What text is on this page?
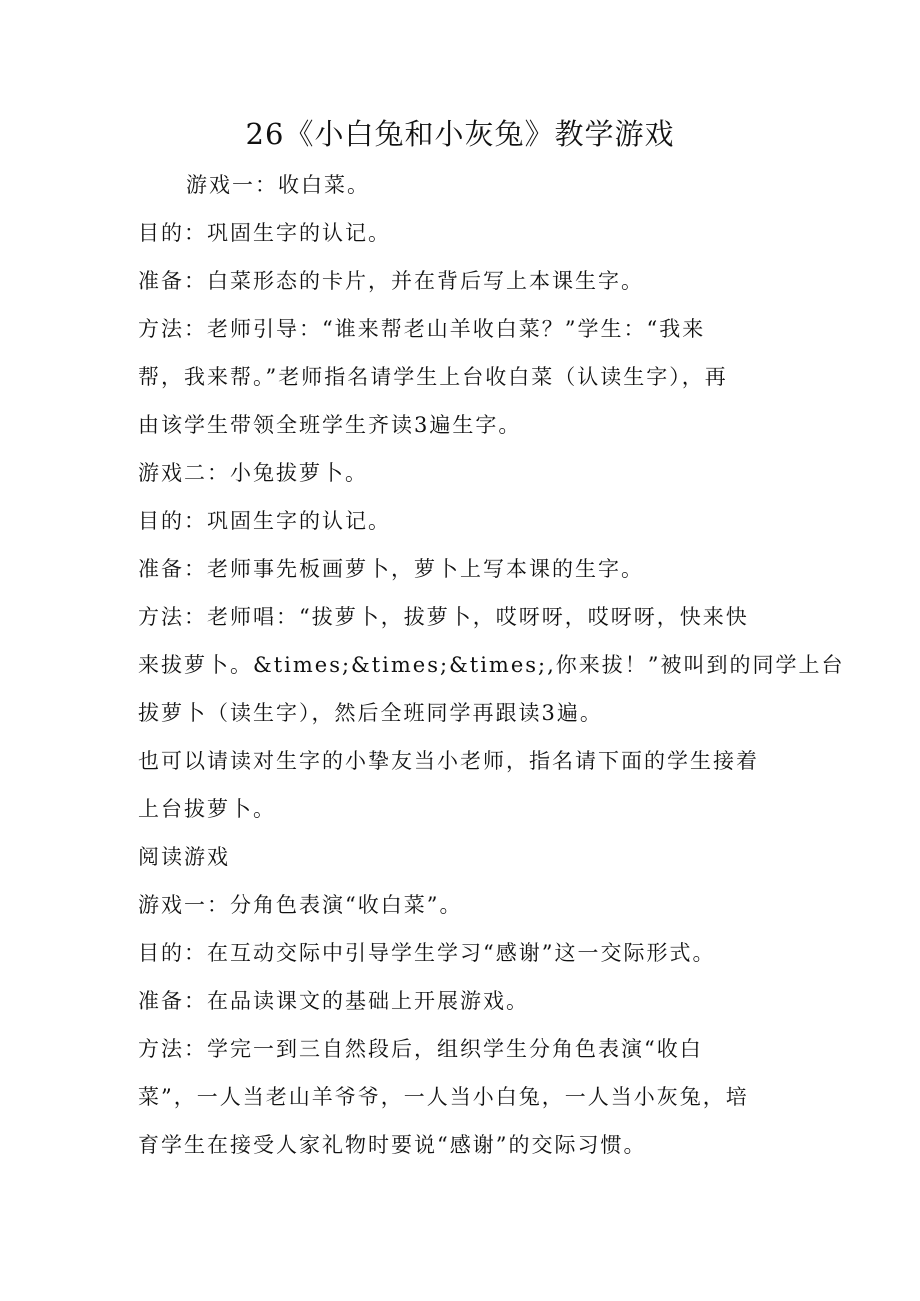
26《小白兔和小灰兔》教学游戏
游戏一：收白菜。
目的：巩固生字的认记。
准备：白菜形态的卡片，并在背后写上本课生字。
方法：老师引导：“谁来帮老山羊收白菜？”学生：“我来
帮，我来帮。”老师指名请学生上台收白菜（认读生字），再
由该学生带领全班学生齐读3遍生字。
游戏二：小兔拔萝卜。
目的：巩固生字的认记。
准备：老师事先板画萝卜，萝卜上写本课的生字。
方法：老师唱：“拔萝卜，拔萝卜，哎呀呀，哎呀呀，快来快
来拔萝卜。&times;&times;&times;,你来拔！”被叫到的同学上台
拔萝卜（读生字），然后全班同学再跟读3遍。
也可以请读对生字的小挚友当小老师，指名请下面的学生接着
上台拔萝卜。
阅读游戏
游戏一：分角色表演“收白菜”。
目的：在互动交际中引导学生学习“感谢”这一交际形式。
准备：在品读课文的基础上开展游戏。
方法：学完一到三自然段后，组织学生分角色表演“收白
菜”，一人当老山羊爷爷，一人当小白兔，一人当小灰兔，培
育学生在接受人家礼物时要说“感谢”的交际习惯。
